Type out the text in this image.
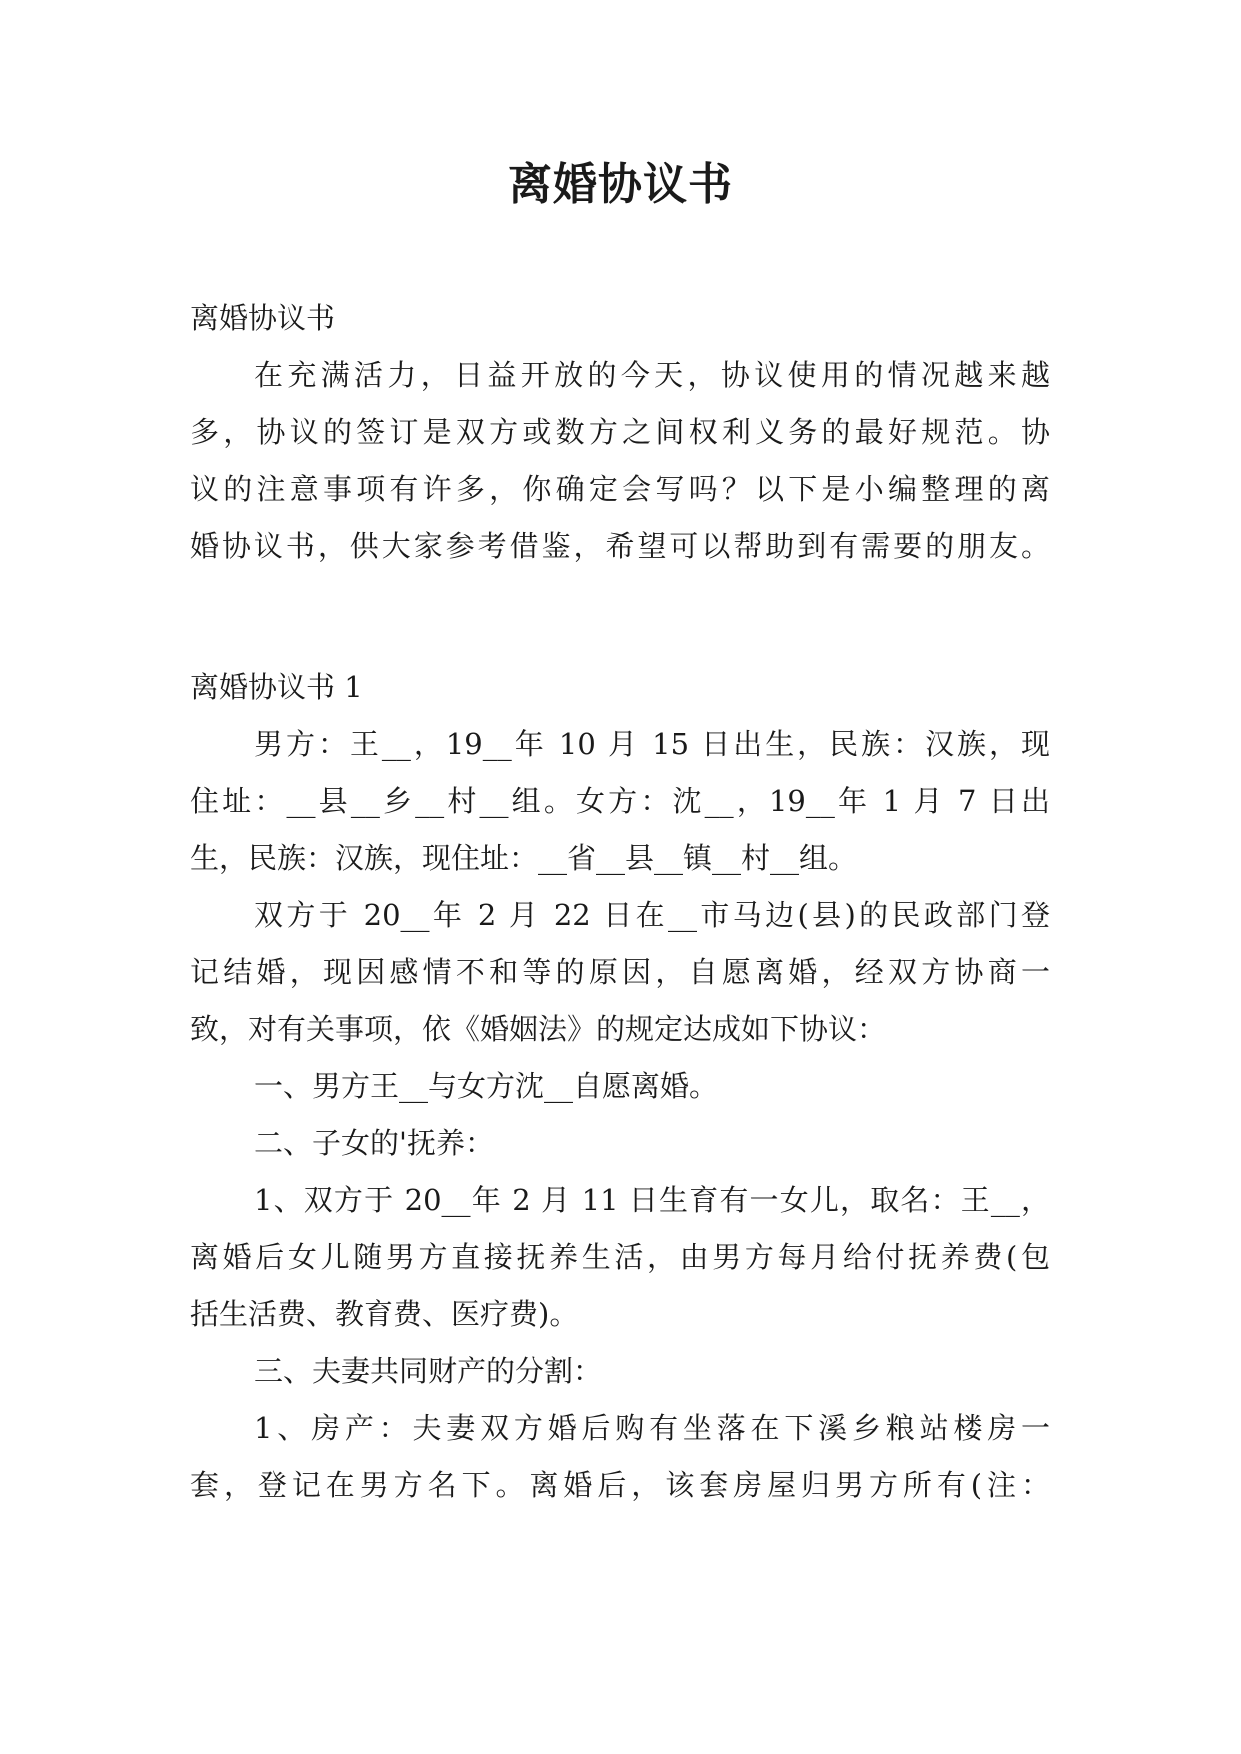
离婚协议书
离婚协议书
在充满活力，日益开放的今天，协议使用的情况越来越
多，协议的签订是双方或数方之间权利义务的最好规范。协
议的注意事项有许多，你确定会写吗？以下是小编整理的离
婚协议书，供大家参考借鉴，希望可以帮助到有需要的朋友。
离婚协议书 1
男方：王__，19__年 10 月 15 日出生，民族：汉族，现
住址：__县__乡__村__组。女方：沈__，19__年 1 月 7 日出
生，民族：汉族，现住址：__省__县__镇__村__组。
双方于 20__年 2 月 22 日在__市马边(县)的民政部门登
记结婚，现因感情不和等的原因，自愿离婚，经双方协商一
致，对有关事项，依《婚姻法》的规定达成如下协议：
一、男方王__与女方沈__自愿离婚。
二、子女的'抚养：
1、双方于 20__年 2 月 11 日生育有一女儿，取名：王__，
离婚后女儿随男方直接抚养生活，由男方每月给付抚养费(包
括生活费、教育费、医疗费)。
三、夫妻共同财产的分割：
1、房产：夫妻双方婚后购有坐落在下溪乡粮站楼房一
套，登记在男方名下。离婚后，该套房屋归男方所有(注：
